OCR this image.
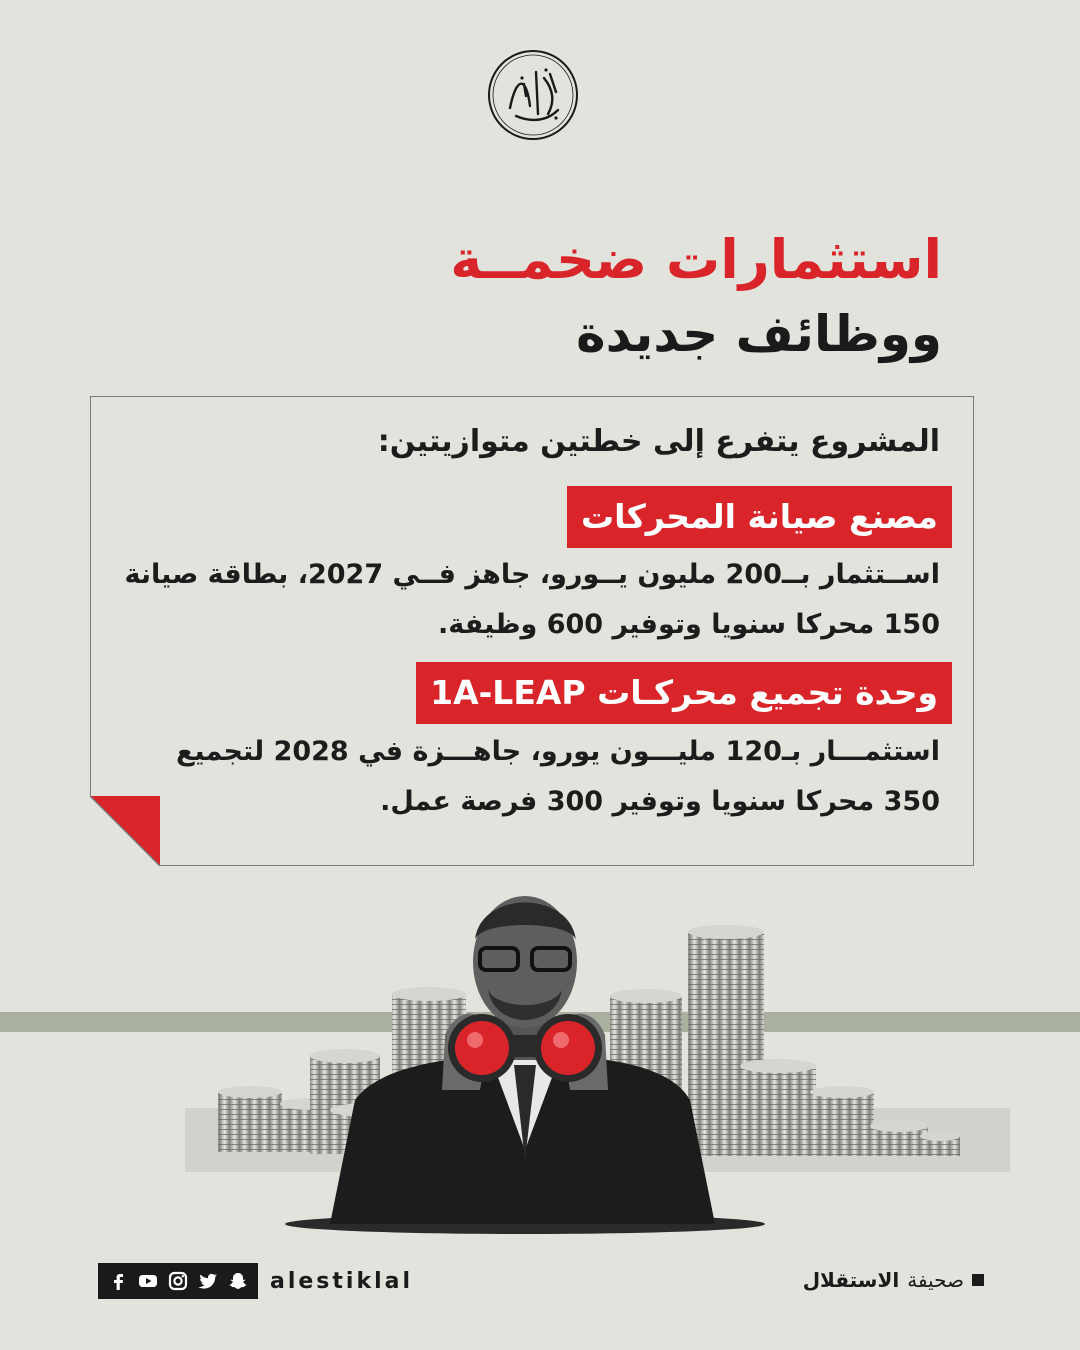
استثمارات ضخمــة
ووظائف جديدة
المشروع يتفرع إلى خطتين متوازيتين:
مصنع صيانة المحركات
اســتثمار بــ200 مليون يــورو، جاهز فــي 2027، بطاقة صيانة
150 محركا سنويا وتوفير 600 وظيفة.
وحدة تجميع محركـات 1A-LEAP
استثمـــار بـ120 مليـــون يورو، جاهـــزة في 2028 لتجميع
350 محركا سنويا وتوفير 300 فرصة عمل.
alestiklal	صحيفة
الاستقلال
